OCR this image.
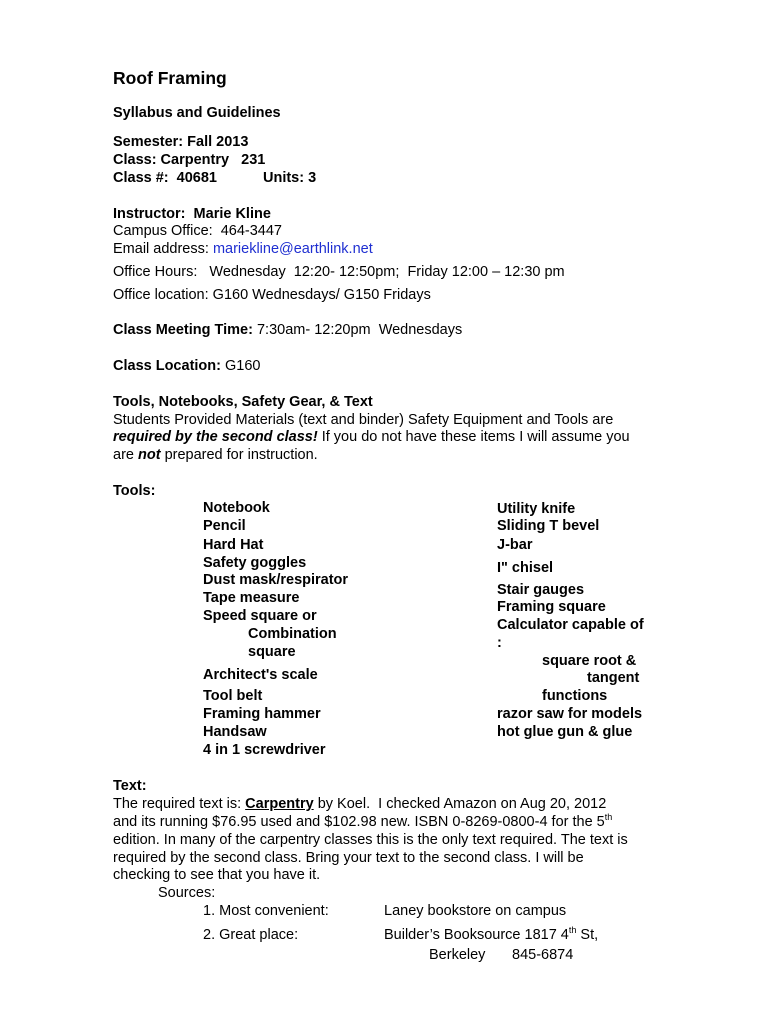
Roof Framing
Syllabus and Guidelines
Semester: Fall 2013
Class: Carpentry   231
Class #:  40681	Units: 3
Instructor:  Marie Kline
Campus Office:  464-3447
Email address: mariekline@earthlink.net
Office Hours:   Wednesday  12:20- 12:50pm;  Friday 12:00 – 12:30 pm
Office location: G160 Wednesdays/ G150 Fridays
Class Meeting Time: 7:30am- 12:20pm  Wednesdays
Class Location: G160
Tools, Notebooks, Safety Gear, & Text
Students Provided Materials (text and binder) Safety Equipment and Tools are
required by the second class! If you do not have these items I will assume you
are not prepared for instruction.
Tools:
Notebook
Pencil
Hard Hat
Safety goggles
Dust mask/respirator
Tape measure
Speed square or
Combination
square
Architect's scale
Tool belt
Framing hammer
Handsaw
4 in 1 screwdriver
Utility knife
Sliding T bevel
J-bar
I" chisel
Stair gauges
Framing square
Calculator capable of
:
square root &
tangent
functions
razor saw for models
hot glue gun & glue
Text:
The required text is: Carpentry by Koel.  I checked Amazon on Aug 20, 2012
and its running $76.95 used and $102.98 new. ISBN 0-8269-0800-4 for the 5th
edition. In many of the carpentry classes this is the only text required. The text is
required by the second class. Bring your text to the second class. I will be
checking to see that you have it.
Sources:
1. Most convenient:	Laney bookstore on campus
2. Great place:	Builder’s Booksource 1817 4th St,
Berkeley 845-6874
